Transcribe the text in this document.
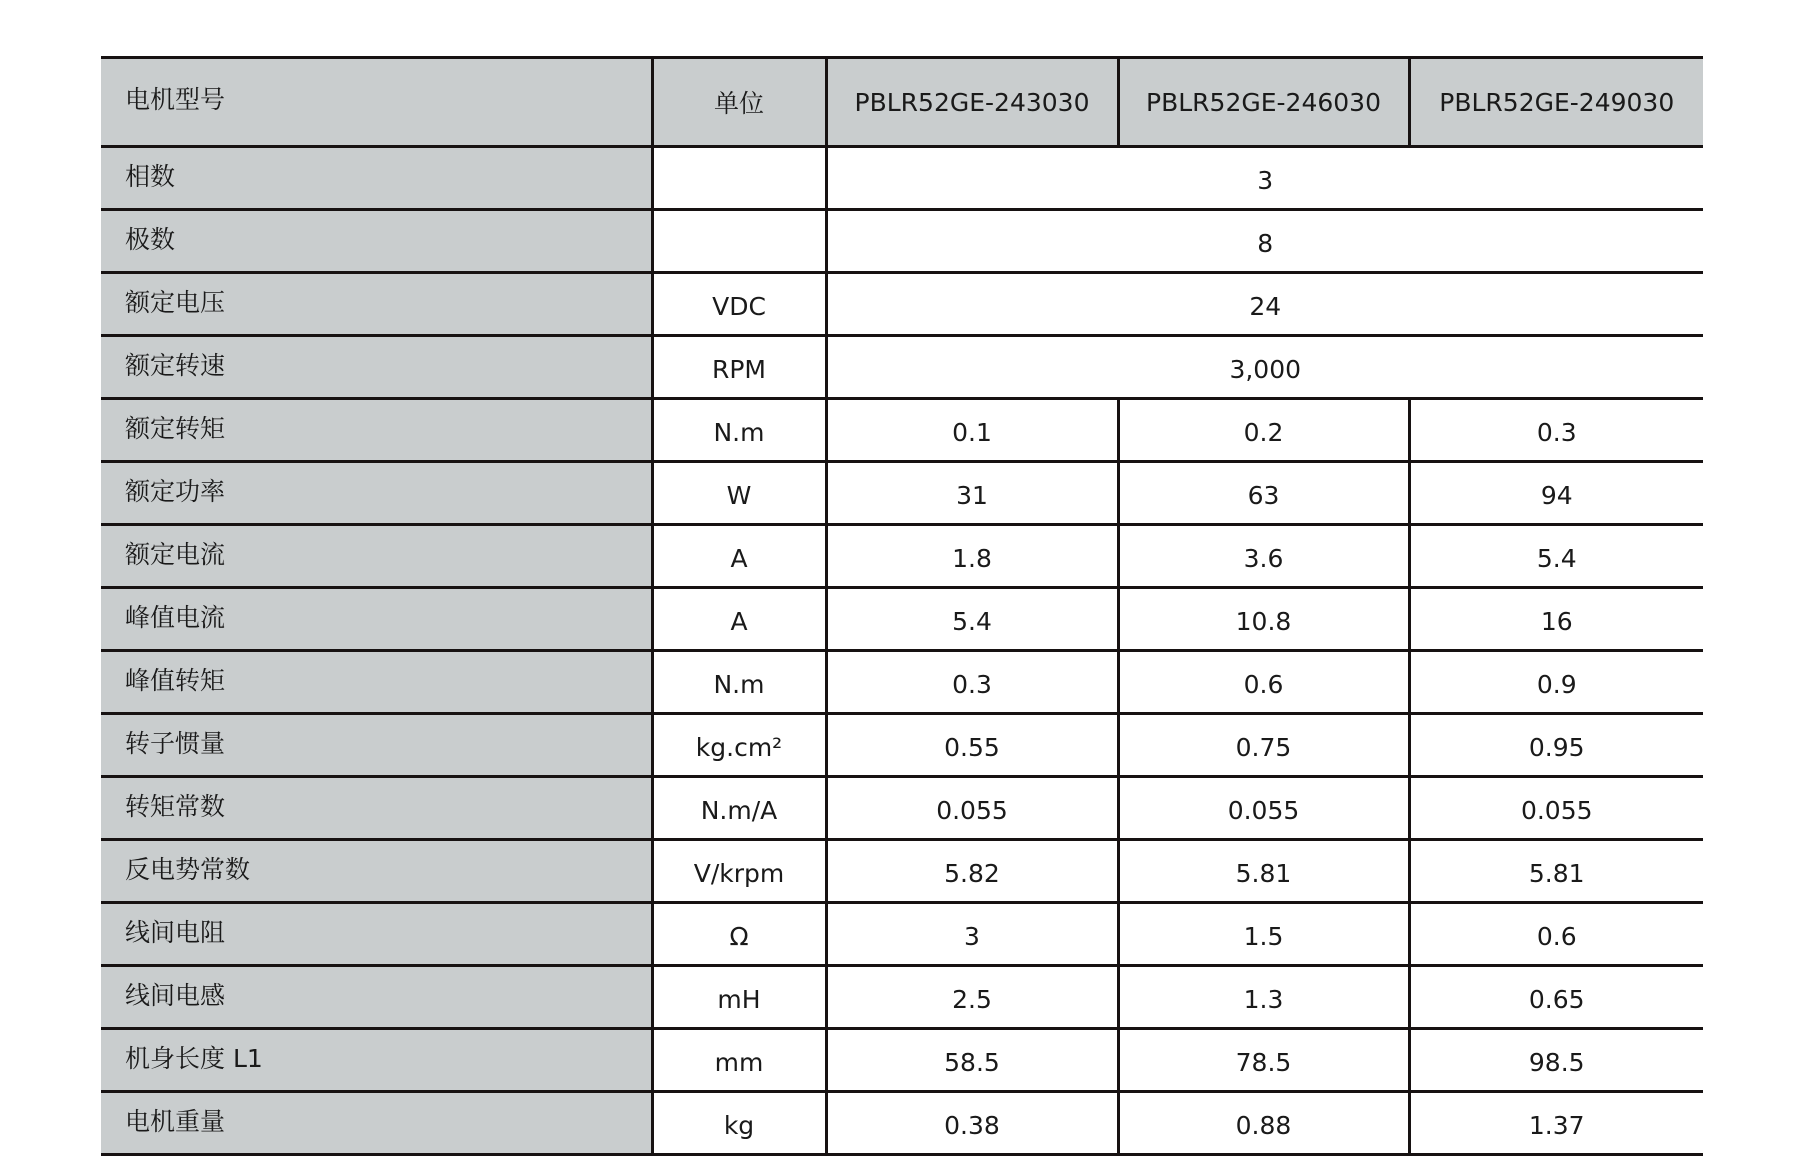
电机型号	单位	PBLR52GE-243030	PBLR52GE-246030	PBLR52GE-249030
相数		3		
极数		8		
额定电压	VDC	24		
额定转速	RPM	3,000		
额定转矩	N.m	0.1	0.2	0.3
额定功率	W	31	63	94
额定电流	A	1.8	3.6	5.4
峰值电流	A	5.4	10.8	16
峰值转矩	N.m	0.3	0.6	0.9
转子惯量	kg.cm²	0.55	0.75	0.95
转矩常数	N.m/A	0.055	0.055	0.055
反电势常数	V/krpm	5.82	5.81	5.81
线间电阻	Ω	3	1.5	0.6
线间电感	mH	2.5	1.3	0.65
机身长度 L1	mm	58.5	78.5	98.5
电机重量	kg	0.38	0.88	1.37
